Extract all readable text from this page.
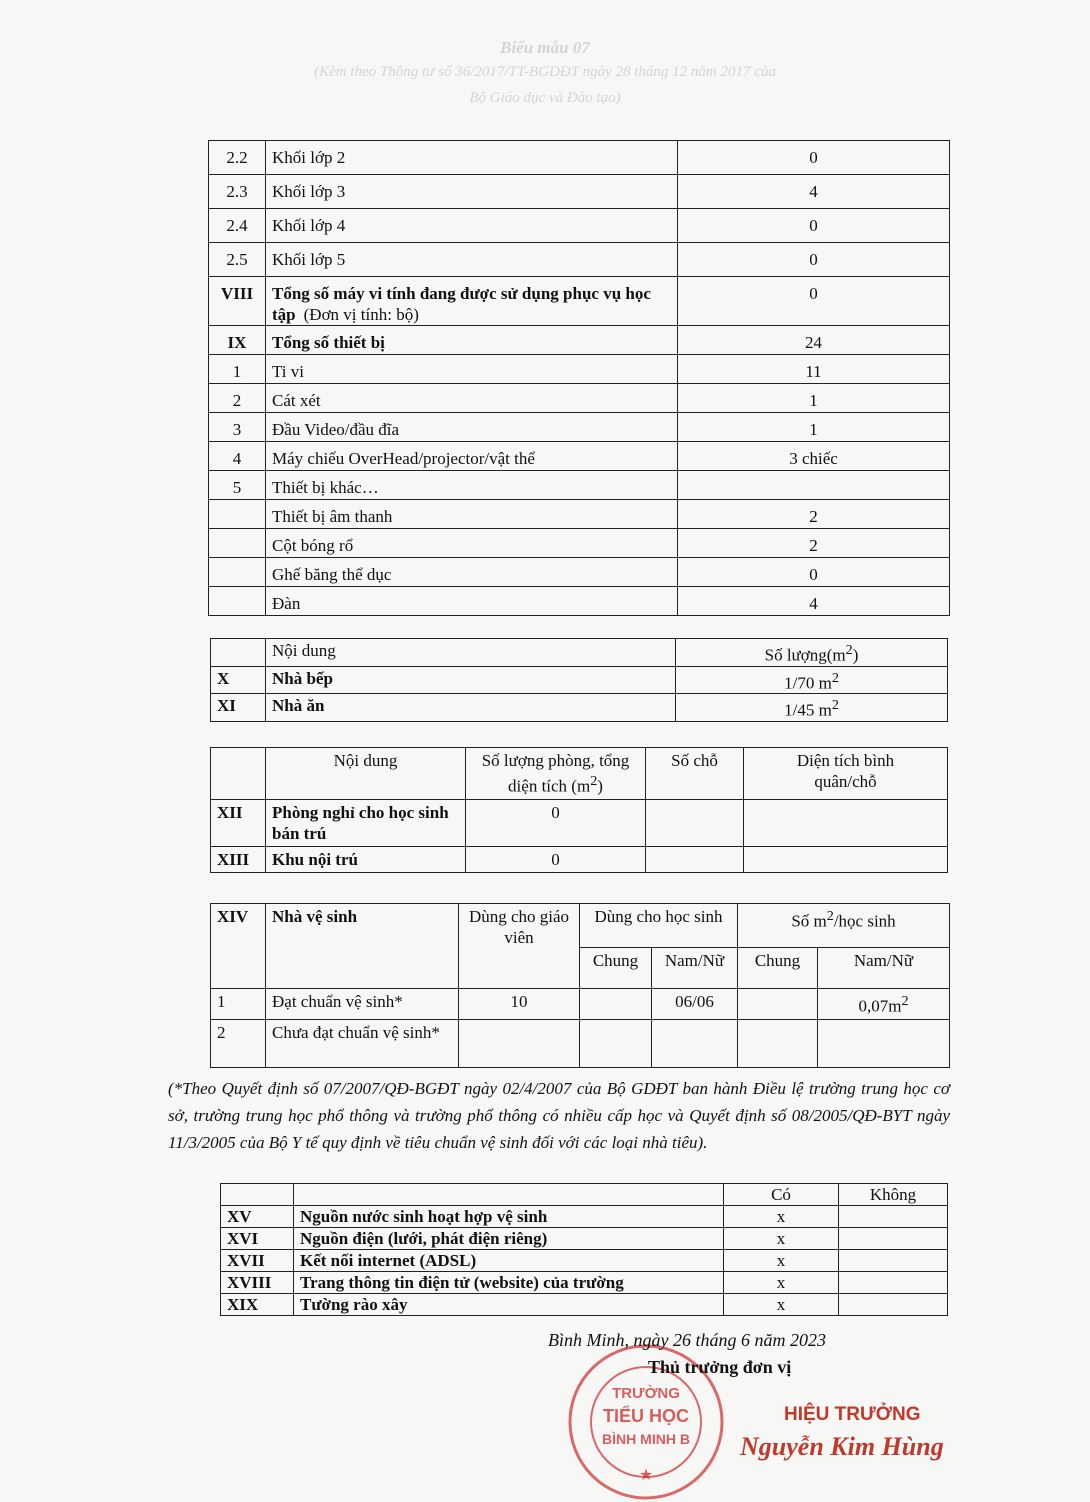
Biểu mẫu 07
(Kèm theo Thông tư số 36/2017/TT-BGDĐT ngày 28 tháng 12 năm 2017 của
Bộ Giáo dục và Đào tạo)
2.2	Khối lớp 2	0
2.3	Khối lớp 3	4
2.4	Khối lớp 4	0
2.5	Khối lớp 5	0
VIII	Tổng số máy vi tính đang được sử dụng phục vụ học tập (Đơn vị tính: bộ)	0
IX	Tổng số thiết bị	24
1	Ti vi	11
2	Cát xét	1
3	Đầu Video/đầu đĩa	1
4	Máy chiếu OverHead/projector/vật thể	3 chiếc
5	Thiết bị khác…	
	Thiết bị âm thanh	2
	Cột bóng rổ	2
	Ghế băng thể dục	0
	Đàn	4
	Nội dung	Số $lượng(m^2)$
X	Nhà bếp	1/70 $m^2$
XI	Nhà ăn	1/45 $m^2$
	Nội dung	Số lượng phòng, tổng diện tích $(m^2)$	Số chỗ	Diện tích bình quân/chỗ
XII	Phòng nghỉ cho học sinh bán trú	0		
XIII	Khu nội trú	0		
XIV	Nhà vệ sinh	Dùng cho giáo viên	Dùng cho học sinh		Số $m^2$/học sinh	
			Chung	Nam/Nữ	Chung	Nam/Nữ
1	Đạt chuẩn vệ sinh*	10		06/06		$0,07m^2$
2	Chưa đạt chuẩn vệ sinh*					

(*Theo Quyết định số 07/2007/QĐ-BGĐT ngày 02/4/2007 của Bộ GDĐT ban hành Điều lệ trường trung học cơ sở, trường trung học phổ thông và trường phổ thông có nhiều cấp học và Quyết định số 08/2005/QĐ-BYT ngày 11/3/2005 của Bộ Y tế quy định về tiêu chuẩn vệ sinh đối với các loại nhà tiêu).

		Có	Không
XV	Nguồn nước sinh hoạt hợp vệ sinh	x	
XVI	Nguồn điện (lưới, phát điện riêng)	x	
XVII	Kết nối internet (ADSL)	x	
XVIII	Trang thông tin điện tử (website) của trường	x	
XIX	Tường rào xây	x	
TRƯỜNG
TIỂU HỌC
BÌNH MINH B
★
Bình Minh, ngày 26 tháng 6 năm 2023
Thủ trưởng đơn vị
HIỆU TRƯỞNG
Nguyễn Kim Hùng
